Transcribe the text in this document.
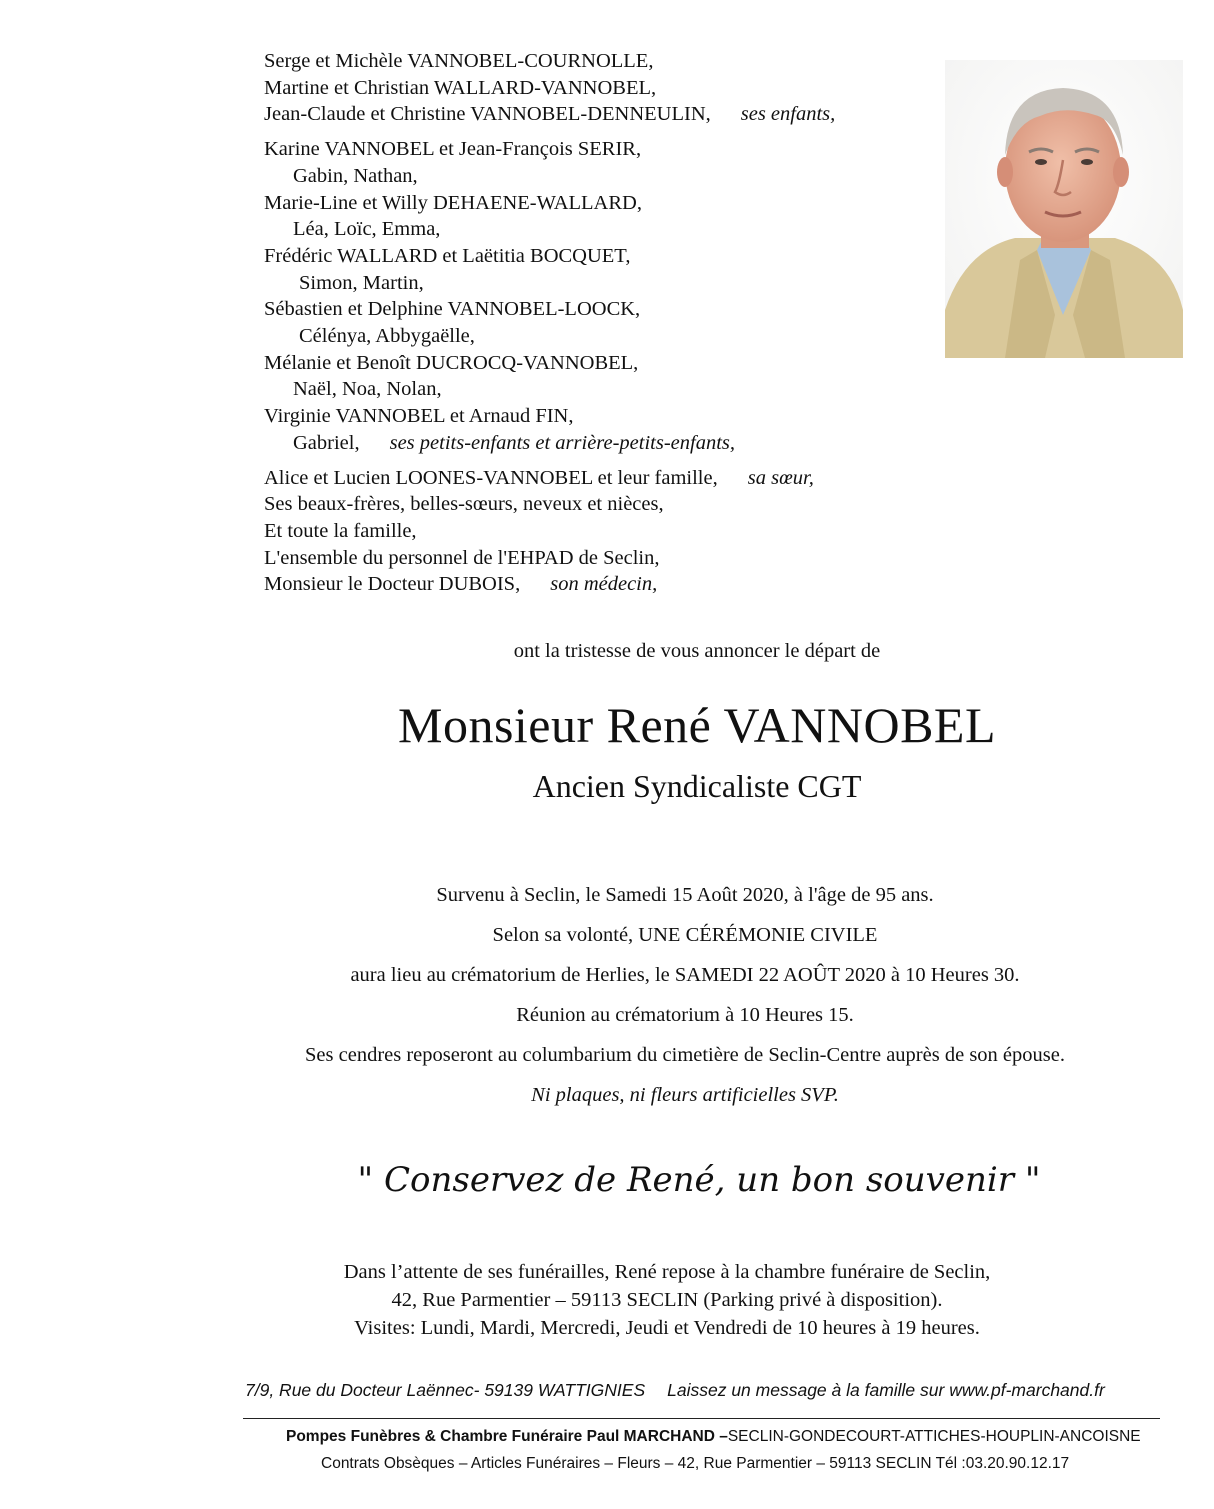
Serge et Michèle VANNOBEL-COURNOLLE,
Martine et Christian WALLARD-VANNOBEL,
Jean-Claude et Christine VANNOBEL-DENNEULIN, ses enfants,
Karine VANNOBEL et Jean-François SERIR,
Gabin, Nathan,
Marie-Line et Willy DEHAENE-WALLARD,
Léa, Loïc, Emma,
Frédéric WALLARD et Laëtitia BOCQUET,
Simon, Martin,
Sébastien et Delphine VANNOBEL-LOOCK,
Célénya, Abbygaëlle,
Mélanie et Benoît DUCROCQ-VANNOBEL,
Naël, Noa, Nolan,
Virginie VANNOBEL et Arnaud FIN,
Gabriel, ses petits-enfants et arrière-petits-enfants,
Alice et Lucien LOONES-VANNOBEL et leur famille, sa sœur,
Ses beaux-frères, belles-sœurs, neveux et nièces,
Et toute la famille,
L'ensemble du personnel de l'EHPAD de Seclin,
Monsieur le Docteur DUBOIS, son médecin,
ont la tristesse de vous annoncer le départ de
Monsieur René VANNOBEL
Ancien Syndicaliste CGT
Survenu à Seclin, le Samedi 15 Août 2020, à l'âge de 95 ans.
Selon sa volonté, UNE CÉRÉMONIE CIVILE
aura lieu au crématorium de Herlies, le SAMEDI 22 AOÛT 2020 à 10 Heures 30.
Réunion au crématorium à 10 Heures 15.
Ses cendres reposeront au columbarium du cimetière de Seclin-Centre auprès de son épouse.
Ni plaques, ni fleurs artificielles SVP.
" Conservez de René, un bon souvenir "
Dans l’attente de ses funérailles, René repose à la chambre funéraire de Seclin,
42, Rue Parmentier – 59113 SECLIN (Parking privé à disposition).
Visites: Lundi, Mardi, Mercredi, Jeudi et Vendredi de 10 heures à 19 heures.
7/9, Rue du Docteur Laënnec- 59139 WATTIGNIES Laissez un message à la famille sur www.pf-marchand.fr
Pompes Funèbres & Chambre Funéraire Paul MARCHAND –SECLIN-GONDECOURT-ATTICHES-HOUPLIN-ANCOISNE
Contrats Obsèques – Articles Funéraires – Fleurs – 42, Rue Parmentier – 59113 SECLIN Tél :03.20.90.12.17
